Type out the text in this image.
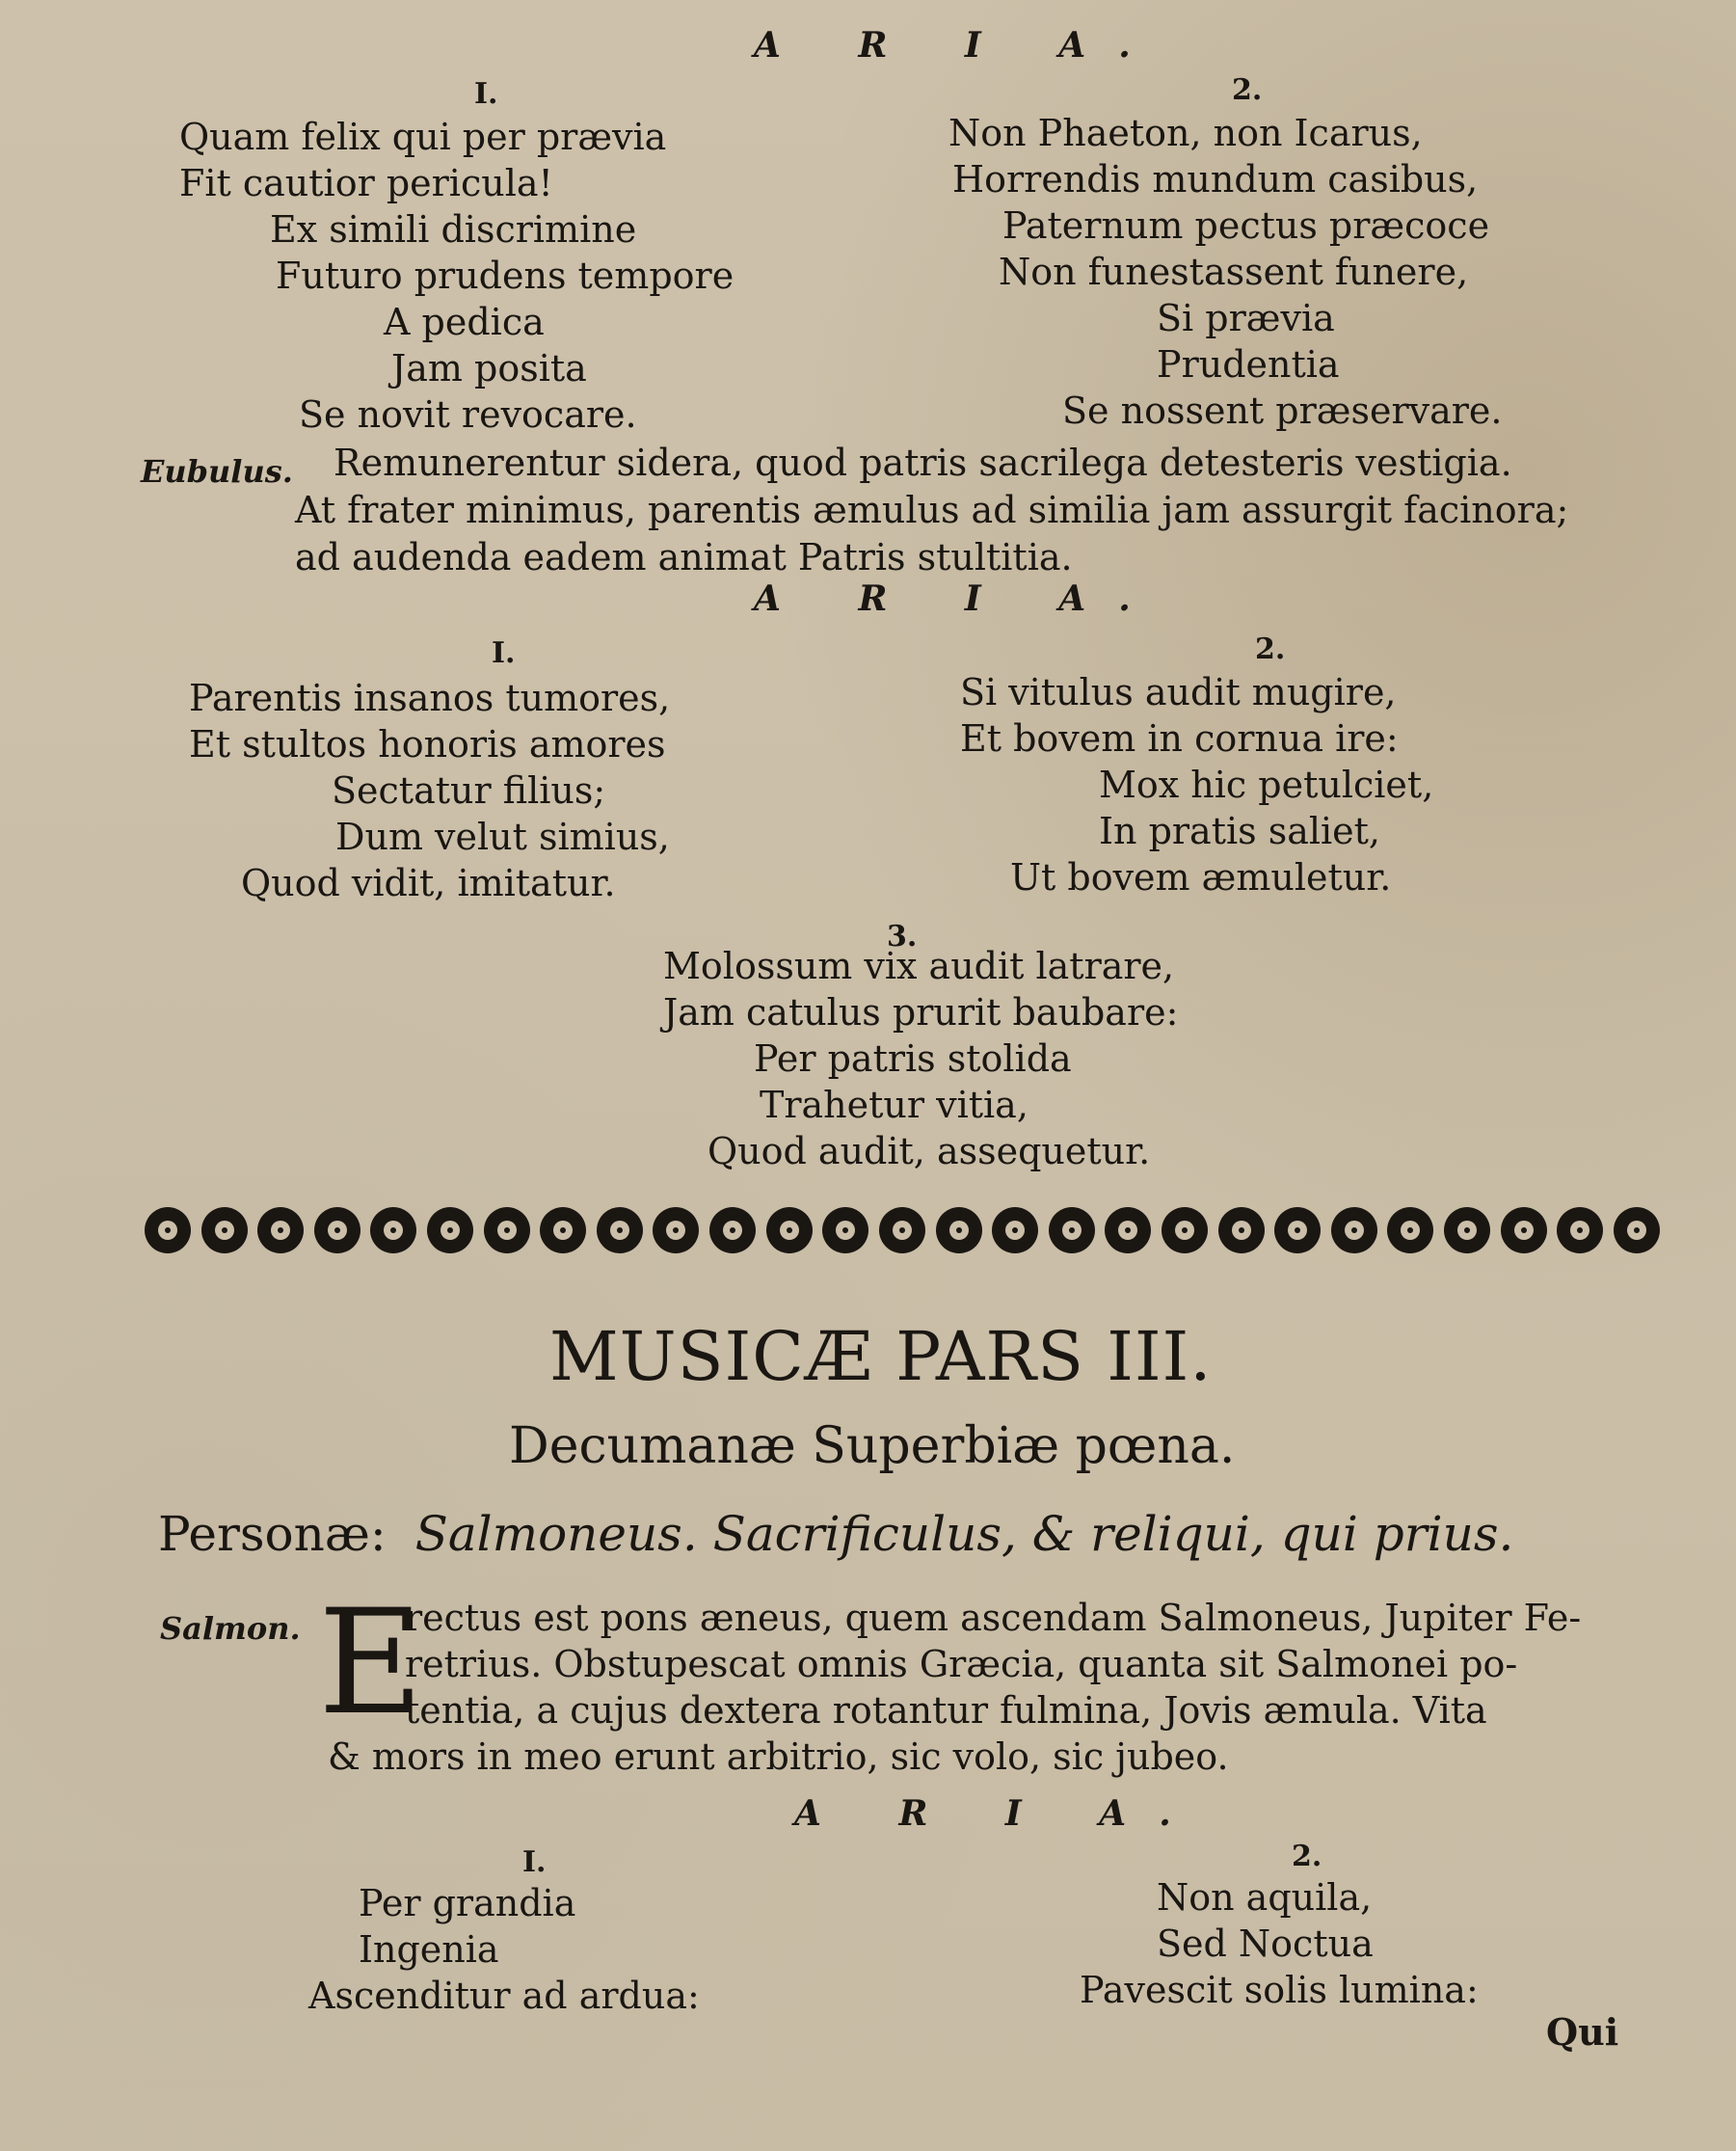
A R I A.
I.	2.
Quam felix qui per prævia
Fit cautior pericula!
Ex simili discrimine
Futuro prudens tempore
A pedica
Jam posita
Se novit revocare.
Non Phaeton, non Icarus,
Horrendis mundum casibus,
Paternum pectus præcoce
Non funestassent funere,
Si prævia
Prudentia
Se nossent præservare.
Eubulus. Remunerentur sidera, quod patris sacrilega detesteris vestigia.
At frater minimus, parentis æmulus ad similia jam assurgit facinora;
ad audenda eadem animat Patris stultitia.
A R I A.
I.	2.
Parentis insanos tumores,
Et stultos honoris amores
Sectatur filius;
Dum velut simius,
Quod vidit, imitatur.
Si vitulus audit mugire,
Et bovem in cornua ire:
Mox hic petulciet,
In pratis saliet,
Ut bovem æmuletur.
3.
Molossum vix audit latrare,
Jam catulus prurit baubare:
Per patris stolida
Trahetur vitia,
Quod audit, assequetur.
MUSICÆ PARS III.
Decumanæ Superbiæ pœna.
Personæ: Salmoneus. Sacrificulus, & reliqui, qui prius.
Salmon. E
rectus est pons æneus, quem ascendam Salmoneus, Jupiter Fe-
retrius. Obstupescat omnis Græcia, quanta sit Salmonei po-
tentia, a cujus dextera rotantur fulmina, Jovis æmula. Vita
& mors in meo erunt arbitrio, sic volo, sic jubeo.
A R I A.
I.	2.
Per grandia
Ingenia
Ascenditur ad ardua:
Non aquila,
Sed Noctua
Pavescit solis lumina:
Qui
